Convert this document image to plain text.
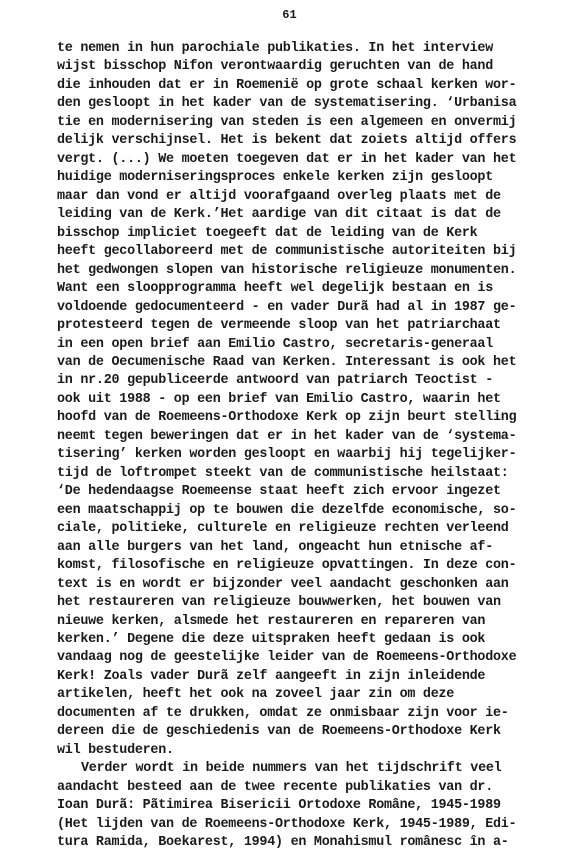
61
te nemen in hun parochiale publikaties. In het interview
wijst bisschop Nifon verontwaardig geruchten van de hand
die inhouden dat er in Roemenië op grote schaal kerken wor-
den gesloopt in het kader van de systematisering. ‘Urbanisa
tie en modernisering van steden is een algemeen en onvermij
delijk verschijnsel. Het is bekent dat zoiets altijd offers
vergt. (...) We moeten toegeven dat er in het kader van het
huidige moderniseringsproces enkele kerken zijn gesloopt
maar dan vond er altijd voorafgaand overleg plaats met de
leiding van de Kerk.’Het aardige van dit citaat is dat de
bisschop impliciet toegeeft dat de leiding van de Kerk
heeft gecollaboreerd met de communistische autoriteiten bij
het gedwongen slopen van historische religieuze monumenten.
Want een sloopprogramma heeft wel degelijk bestaan en is
voldoende gedocumenteerd - en vader Durã had al in 1987 ge-
protesteerd tegen de vermeende sloop van het patriarchaat
in een open brief aan Emilio Castro, secretaris-generaal
van de Oecumenische Raad van Kerken. Interessant is ook het
in nr.20 gepubliceerde antwoord van patriarch Teoctist -
ook uit 1988 - op een brief van Emilio Castro, waarin het
hoofd van de Roemeens-Orthodoxe Kerk op zijn beurt stelling
neemt tegen beweringen dat er in het kader van de ‘systema-
tisering’ kerken worden gesloopt en waarbij hij tegelijker-
tijd de loftrompet steekt van de communistische heilstaat:
‘De hedendaagse Roemeense staat heeft zich ervoor ingezet
een maatschappij op te bouwen die dezelfde economische, so-
ciale, politieke, culturele en religieuze rechten verleend
aan alle burgers van het land, ongeacht hun etnische af-
komst, filosofische en religieuze opvattingen. In deze con-
text is en wordt er bijzonder veel aandacht geschonken aan
het restaureren van religieuze bouwwerken, het bouwen van
nieuwe kerken, alsmede het restaureren en repareren van
kerken.’ Degene die deze uitspraken heeft gedaan is ook
vandaag nog de geestelijke leider van de Roemeens-Orthodoxe
Kerk! Zoals vader Durã zelf aangeeft in zijn inleidende
artikelen, heeft het ook na zoveel jaar zin om deze
documenten af te drukken, omdat ze onmisbaar zijn voor ie-
dereen die de geschiedenis van de Roemeens-Orthodoxe Kerk
wil bestuderen.
Verder wordt in beide nummers van het tijdschrift veel
aandacht besteed aan de twee recente publikaties van dr.
Ioan Durã: Pãtimirea Bisericii Ortodoxe Române, 1945-1989
(Het lijden van de Roemeens-Orthodoxe Kerk, 1945-1989, Edi-
tura Ramida, Boekarest, 1994) en Monahismul românesc în a-
